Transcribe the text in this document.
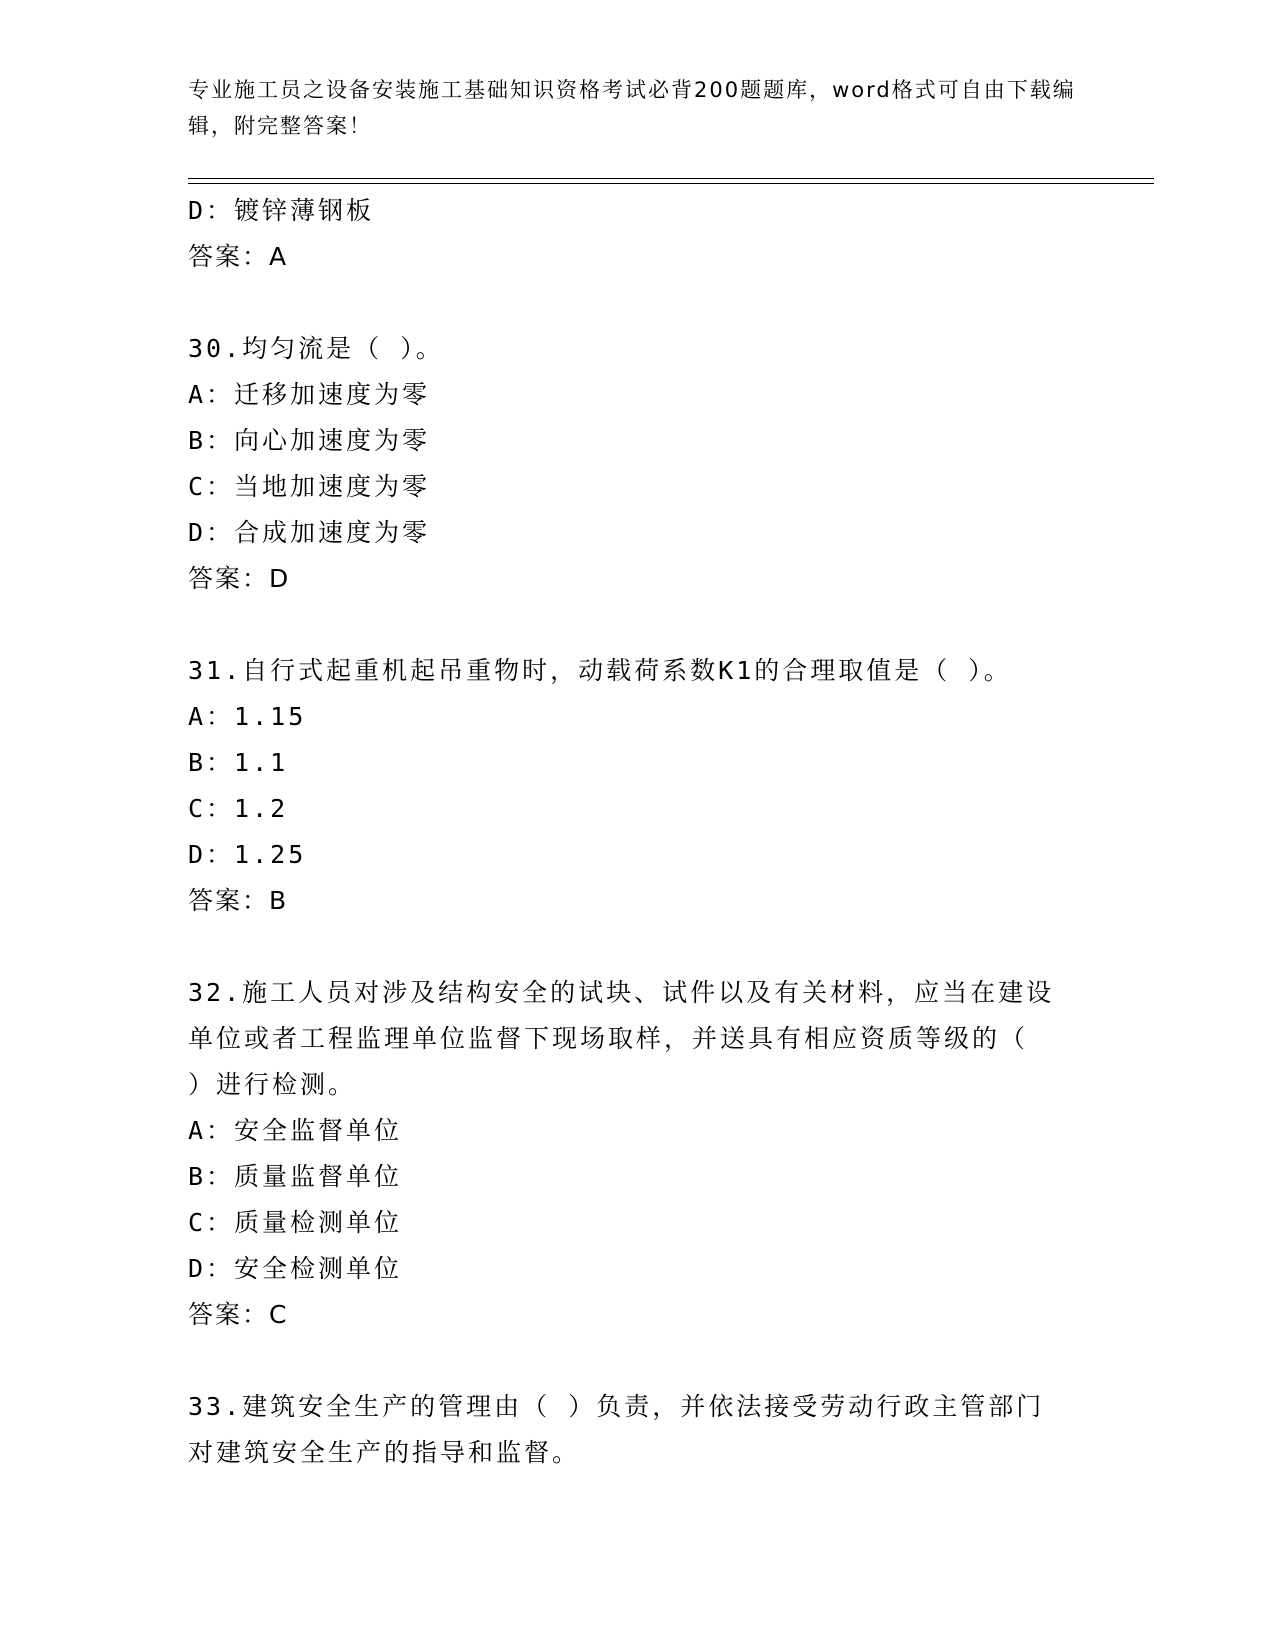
专业施工员之设备安装施工基础知识资格考试必背200题题库，word格式可自由下载编辑，附完整答案！
D：镀锌薄钢板
答案：A
30.均匀流是（ ）。
A：迁移加速度为零
B：向心加速度为零
C：当地加速度为零
D：合成加速度为零
答案：D
31.自行式起重机起吊重物时，动载荷系数K1的合理取值是（ ）。
A：1.15
B：1.1
C：1.2
D：1.25
答案：B
32.施工人员对涉及结构安全的试块、试件以及有关材料，应当在建设
单位或者工程监理单位监督下现场取样，并送具有相应资质等级的（
）进行检测。
A：安全监督单位
B：质量监督单位
C：质量检测单位
D：安全检测单位
答案：C
33.建筑安全生产的管理由（ ）负责，并依法接受劳动行政主管部门
对建筑安全生产的指导和监督。
